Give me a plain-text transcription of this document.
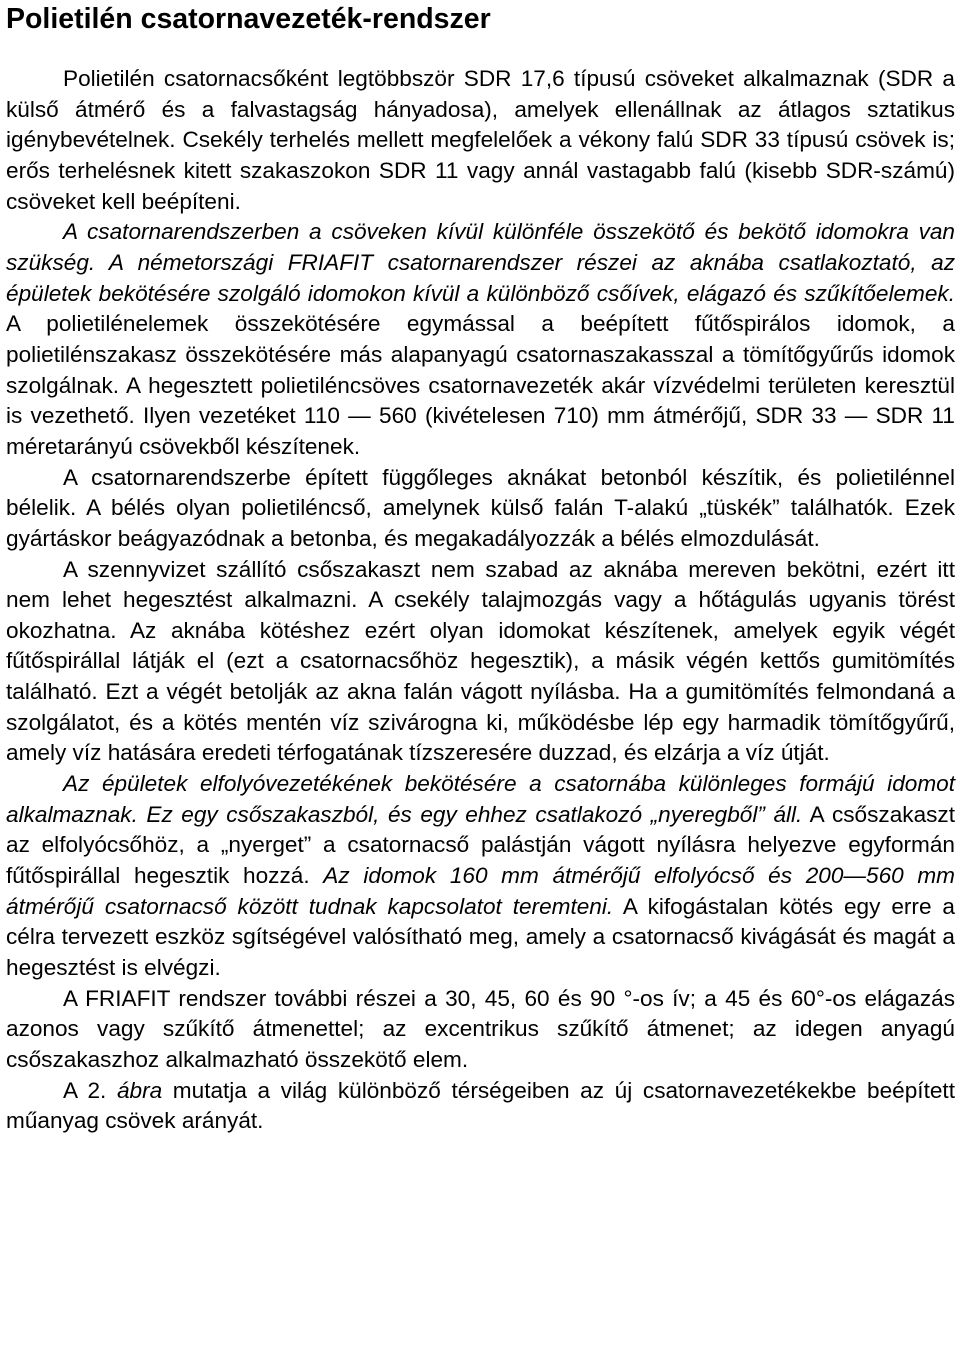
Polietilén csatornavezeték-rendszer

Polietilén csatornacsőként legtöbbször SDR 17,6 típusú csöveket alkalmaznak (SDR a külső átmérő és a falvastagság hányadosa), amelyek ellenállnak az átlagos sztatikus igénybevételnek. Csekély terhelés mellett megfelelőek a vékony falú SDR 33 típusú csövek is; erős terhelésnek kitett szakaszokon SDR 11 vagy annál vastagabb falú (kisebb SDR-számú) csöveket kell beépíteni.

A csatornarendszerben a csöveken kívül különféle összekötő és bekötő idomokra van szükség. A németországi FRIAFIT csatornarendszer részei az aknába csatlakoztató, az épületek bekötésére szolgáló idomokon kívül a különböző csőívek, elágazó és szűkítőelemek. A polietilénelemek összekötésére egymással a beépített fűtőspirálos idomok, a polietilénszakasz összekötésére más alapanyagú csatornaszakasszal a tömítőgyűrűs idomok szolgálnak. A hegesztett polietiléncsöves csatornavezeték akár vízvédelmi területen keresztül is vezethető. Ilyen vezetéket 110 — 560 (kivételesen 710) mm átmérőjű, SDR 33 — SDR 11 méretarányú csövekből készítenek.

A csatornarendszerbe épített függőleges aknákat betonból készítik, és polietilénnel bélelik. A bélés olyan polietiléncső, amelynek külső falán T-alakú „tüskék” találhatók. Ezek gyártáskor beágyazódnak a betonba, és megakadályozzák a bélés elmozdulását.

A szennyvizet szállító csőszakaszt nem szabad az aknába mereven bekötni, ezért itt nem lehet hegesztést alkalmazni. A csekély talajmozgás vagy a hőtágulás ugyanis törést okozhatna. Az aknába kötéshez ezért olyan idomokat készítenek, amelyek egyik végét fűtőspirállal látják el (ezt a csatornacsőhöz hegesztik), a másik végén kettős gumitömítés található. Ezt a végét betolják az akna falán vágott nyílásba. Ha a gumitömítés felmondaná a szolgálatot, és a kötés mentén víz szivárogna ki, működésbe lép egy harmadik tömítőgyűrű, amely víz hatására eredeti térfogatának tízszeresére duzzad, és elzárja a víz útját.

Az épületek elfolyóvezetékének bekötésére a csatornába különleges formájú idomot alkalmaznak. Ez egy csőszakaszból, és egy ehhez csatlakozó „nyeregből” áll. A csőszakaszt az elfolyócsőhöz, a „nyerget” a csatornacső palástján vágott nyílásra helyezve egyformán fűtőspirállal hegesztik hozzá. Az idomok 160 mm átmérőjű elfolyócső és 200—560 mm átmérőjű csatornacső között tudnak kapcsolatot teremteni. A kifogástalan kötés egy erre a célra tervezett eszköz sgítségével valósítható meg, amely a csatornacső kivágását és magát a hegesztést is elvégzi.

A FRIAFIT rendszer további részei a 30, 45, 60 és 90 °-os ív; a 45 és 60°-os elágazás azonos vagy szűkítő átmenettel; az excentrikus szűkítő átmenet; az idegen anyagú csőszakaszhoz alkalmazható összekötő elem.

A 2. ábra mutatja a világ különböző térségeiben az új csatornavezetékekbe beépített műanyag csövek arányát.
